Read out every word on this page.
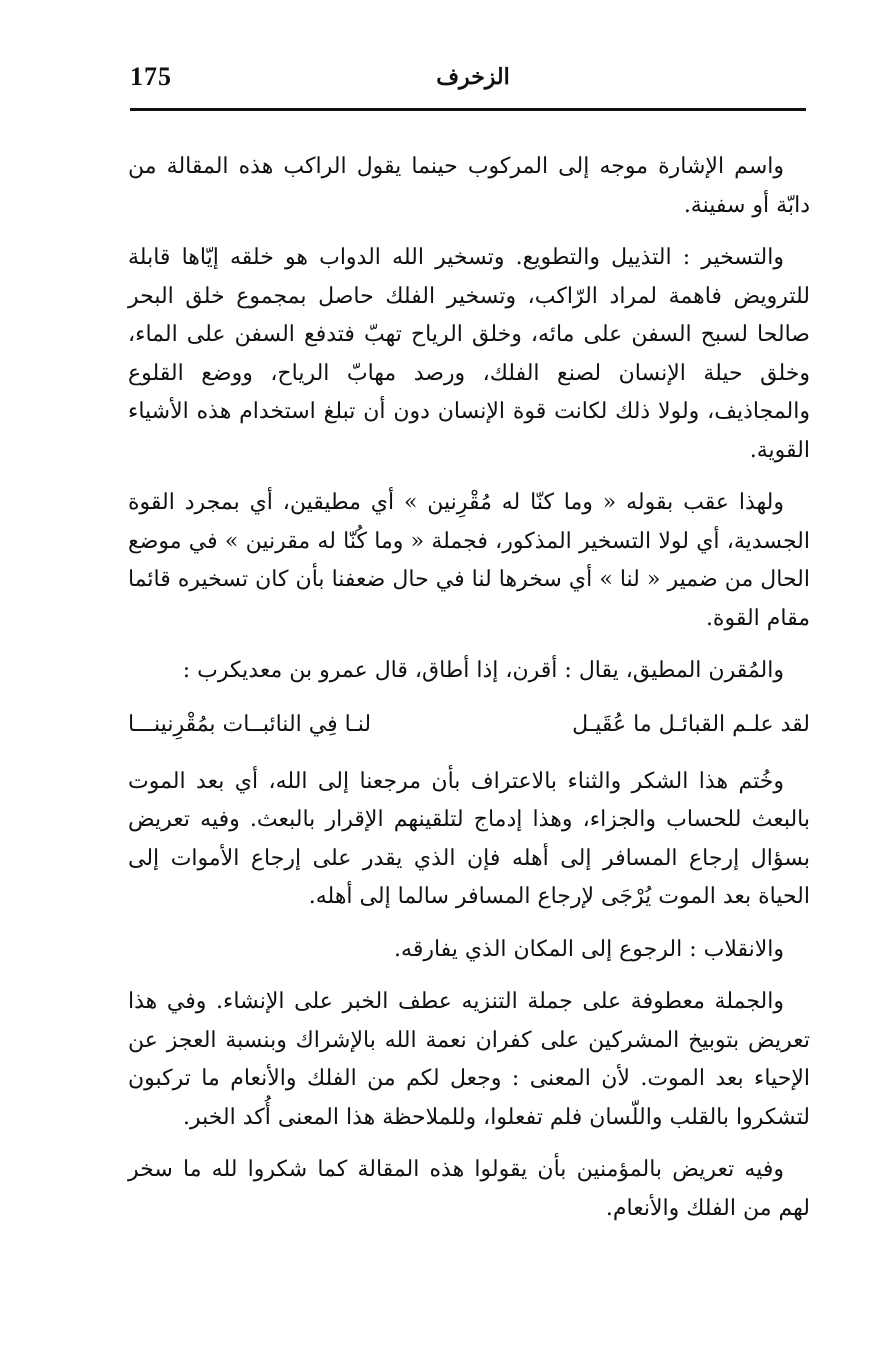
175	الزخرف

واسم الإشارة موجه إلى المركوب حينما يقول الراكب هذه المقالة من دابّة أو سفينة.

والتسخير : التذييل والتطويع. وتسخير الله الدواب هو خلقه إيّاها قابلة للترويض فاهمة لمراد الرّاكب، وتسخير الفلك حاصل بمجموع خلق البحر صالحا لسبح السفن على مائه، وخلق الرياح تهبّ فتدفع السفن على الماء، وخلق حيلة الإنسان لصنع الفلك، ورصد مهابّ الرياح، ووضع القلوع والمجاذيف، ولولا ذلك لكانت قوة الإنسان دون أن تبلغ استخدام هذه الأشياء القوية.

ولهذا عقب بقوله « وما كنّا له مُقْرِنين » أي مطيقين، أي بمجرد القوة الجسدية، أي لولا التسخير المذكور، فجملة « وما كُنّا له مقرنين » في موضع الحال من ضمير « لنا » أي سخرها لنا في حال ضعفنا بأن كان تسخيره قائما مقام القوة.

والمُقرن المطيق، يقال : أقرن، إذا أطاق، قال عمرو بن معديكرب :

لقد علـم القبائـل ما عُقَيـل
لنـا فِي النائبــات بمُقْرِنينـــا

وخُتم هذا الشكر والثناء بالاعتراف بأن مرجعنا إلى الله، أي بعد الموت بالبعث للحساب والجزاء، وهذا إدماج لتلقينهم الإقرار بالبعث. وفيه تعريض بسؤال إرجاع المسافر إلى أهله فإن الذي يقدر على إرجاع الأموات إلى الحياة بعد الموت يُرْجَى لإرجاع المسافر سالما إلى أهله.

والانقلاب : الرجوع إلى المكان الذي يفارقه.

والجملة معطوفة على جملة التنزيه عطف الخبر على الإنشاء. وفي هذا تعريض بتوبيخ المشركين على كفران نعمة الله بالإشراك وبنسبة العجز عن الإحياء بعد الموت. لأن المعنى : وجعل لكم من الفلك والأنعام ما تركبون لتشكروا بالقلب واللّسان فلم تفعلوا، وللملاحظة هذا المعنى أُكد الخبر.

وفيه تعريض بالمؤمنين بأن يقولوا هذه المقالة كما شكروا لله ما سخر لهم من الفلك والأنعام.
